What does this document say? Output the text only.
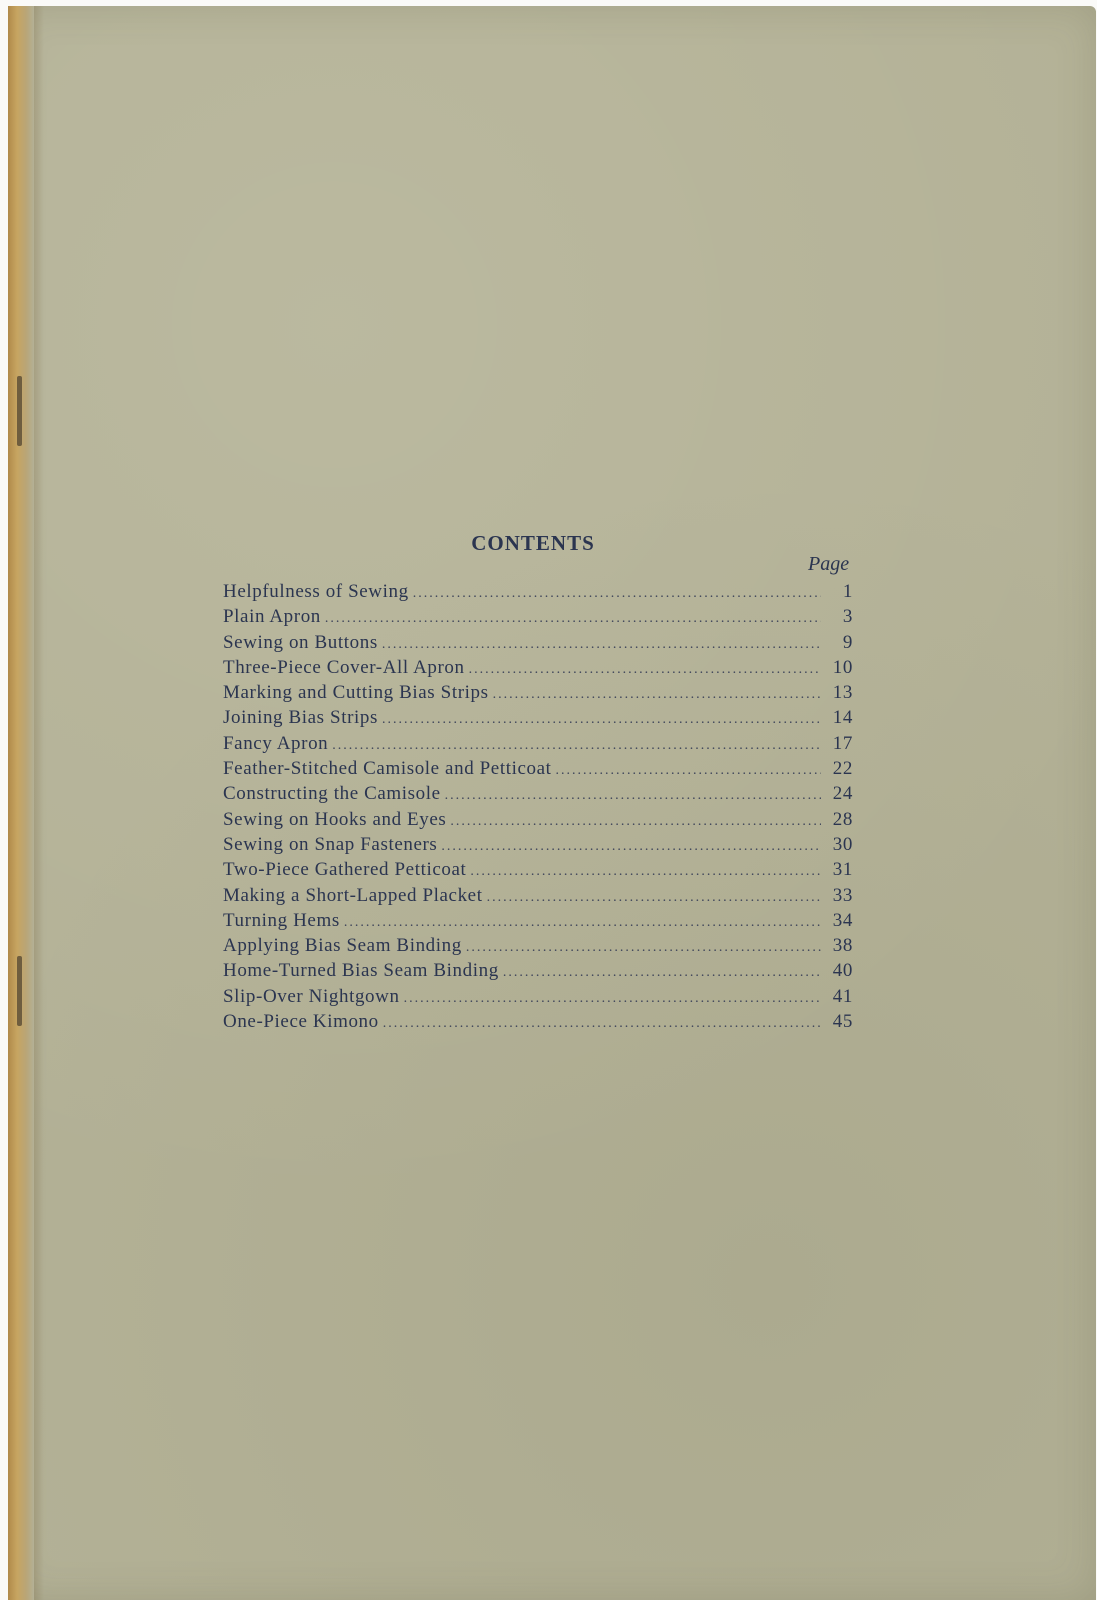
CONTENTS
Page
Helpfulness of Sewing .....	1
Plain Apron .....	3
Sewing on Buttons .....	9
Three-Piece Cover-All Apron .....	10
Marking and Cutting Bias Strips .....	13
Joining Bias Strips .....	14
Fancy Apron .....	17
Feather-Stitched Camisole and Petticoat .....	22
Constructing the Camisole .....	24
Sewing on Hooks and Eyes .....	28
Sewing on Snap Fasteners .....	30
Two-Piece Gathered Petticoat .....	31
Making a Short-Lapped Placket .....	33
Turning Hems .....	34
Applying Bias Seam Binding .....	38
Home-Turned Bias Seam Binding .....	40
Slip-Over Nightgown .....	41
One-Piece Kimono .....	45
